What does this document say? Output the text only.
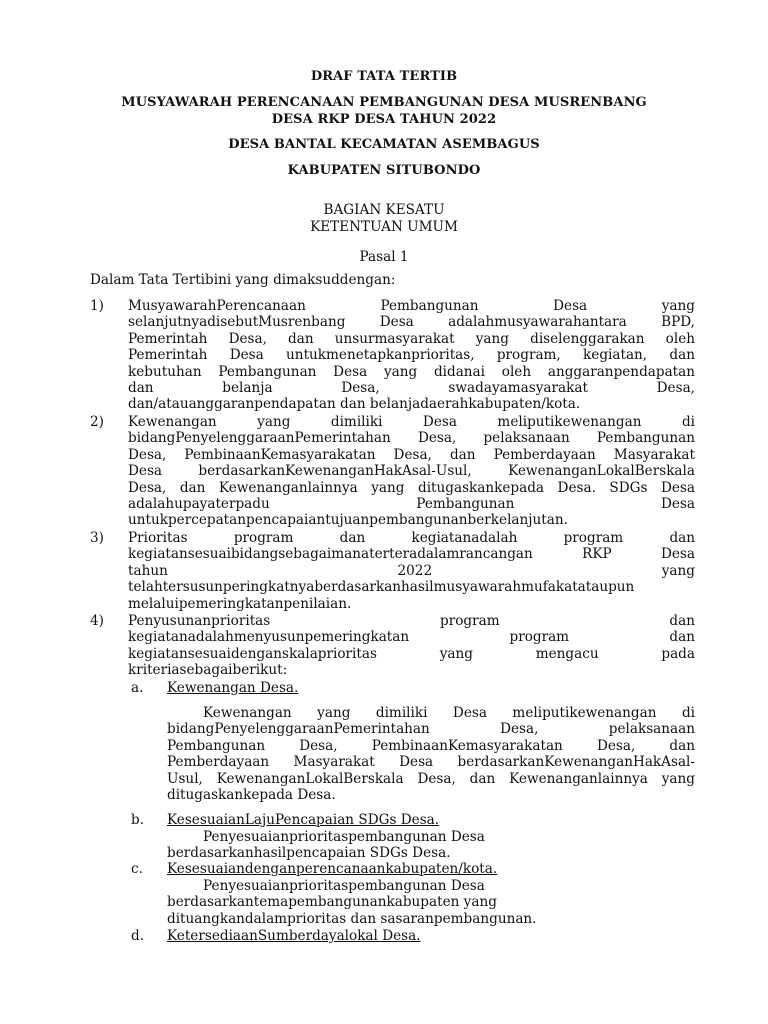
DRAF TATA TERTIB

MUSYAWARAH PERENCANAAN PEMBANGUNAN DESA MUSRENBANG

DESA RKP DESA TAHUN 2022

DESA BANTAL KECAMATAN ASEMBAGUS

KABUPATEN SITUBONDO

BAGIAN KESATU

KETENTUAN UMUM

Pasal 1

Dalam Tata Tertibini yang dimaksuddengan:
1) MusyawarahPerencanaan Pembangunan Desa yang
selanjutnyadisebutMusrenbang Desa adalahmusyawarahantara BPD,
Pemerintah Desa, dan unsurmasyarakat yang diselenggarakan oleh
Pemerintah Desa untukmenetapkanprioritas, program, kegiatan, dan
kebutuhan Pembangunan Desa yang didanai oleh anggaranpendapatan
dan belanja Desa, swadayamasyarakat Desa,
dan/atauanggaranpendapatan dan belanjadaerahkabupaten/kota.
2) Kewenangan yang dimiliki Desa meliputikewenangan di
bidangPenyelenggaraanPemerintahan Desa, pelaksanaan Pembangunan
Desa, PembinaanKemasyarakatan Desa, dan Pemberdayaan Masyarakat
Desa berdasarkanKewenanganHakAsal-Usul, KewenanganLokalBerskala
Desa, dan Kewenanganlainnya yang ditugaskankepada Desa. SDGs Desa
adalahupayaterpadu Pembangunan Desa
untukpercepatanpencapaiantujuanpembangunanberkelanjutan.
3) Prioritas program dan kegiatanadalah program dan
kegiatansesuaibidangsebagaimanaterteradalamrancangan RKP Desa
tahun 2022 yang
telahtersusunperingkatnyaberdasarkanhasilmusyawarahmufakatataupun
melaluipemeringkatanpenilaian.
4) Penyusunanprioritas program dan
kegiatanadalahmenyusunpemeringkatan program dan
kegiatansesuaidenganskalaprioritas yang mengacu pada
kriteriasebagaiberikut:
a. Kewenangan Desa.
Kewenangan yang dimiliki Desa meliputikewenangan di
bidangPenyelenggaraanPemerintahan Desa, pelaksanaan
Pembangunan Desa, PembinaanKemasyarakatan Desa, dan
Pemberdayaan Masyarakat Desa berdasarkanKewenanganHakAsal-
Usul, KewenanganLokalBerskala Desa, dan Kewenanganlainnya yang
ditugaskankepada Desa.
b. KesesuaianLajuPencapaian SDGs Desa.
Penyesuaianprioritaspembangunan Desa
berdasarkanhasilpencapaian SDGs Desa.
c. Kesesuaiandenganperencanaankabupaten/kota.
Penyesuaianprioritaspembangunan Desa
berdasarkantemapembangunankabupaten yang
dituangkandalamprioritas dan sasaranpembangunan.
d. KetersediaanSumberdayalokal Desa.
